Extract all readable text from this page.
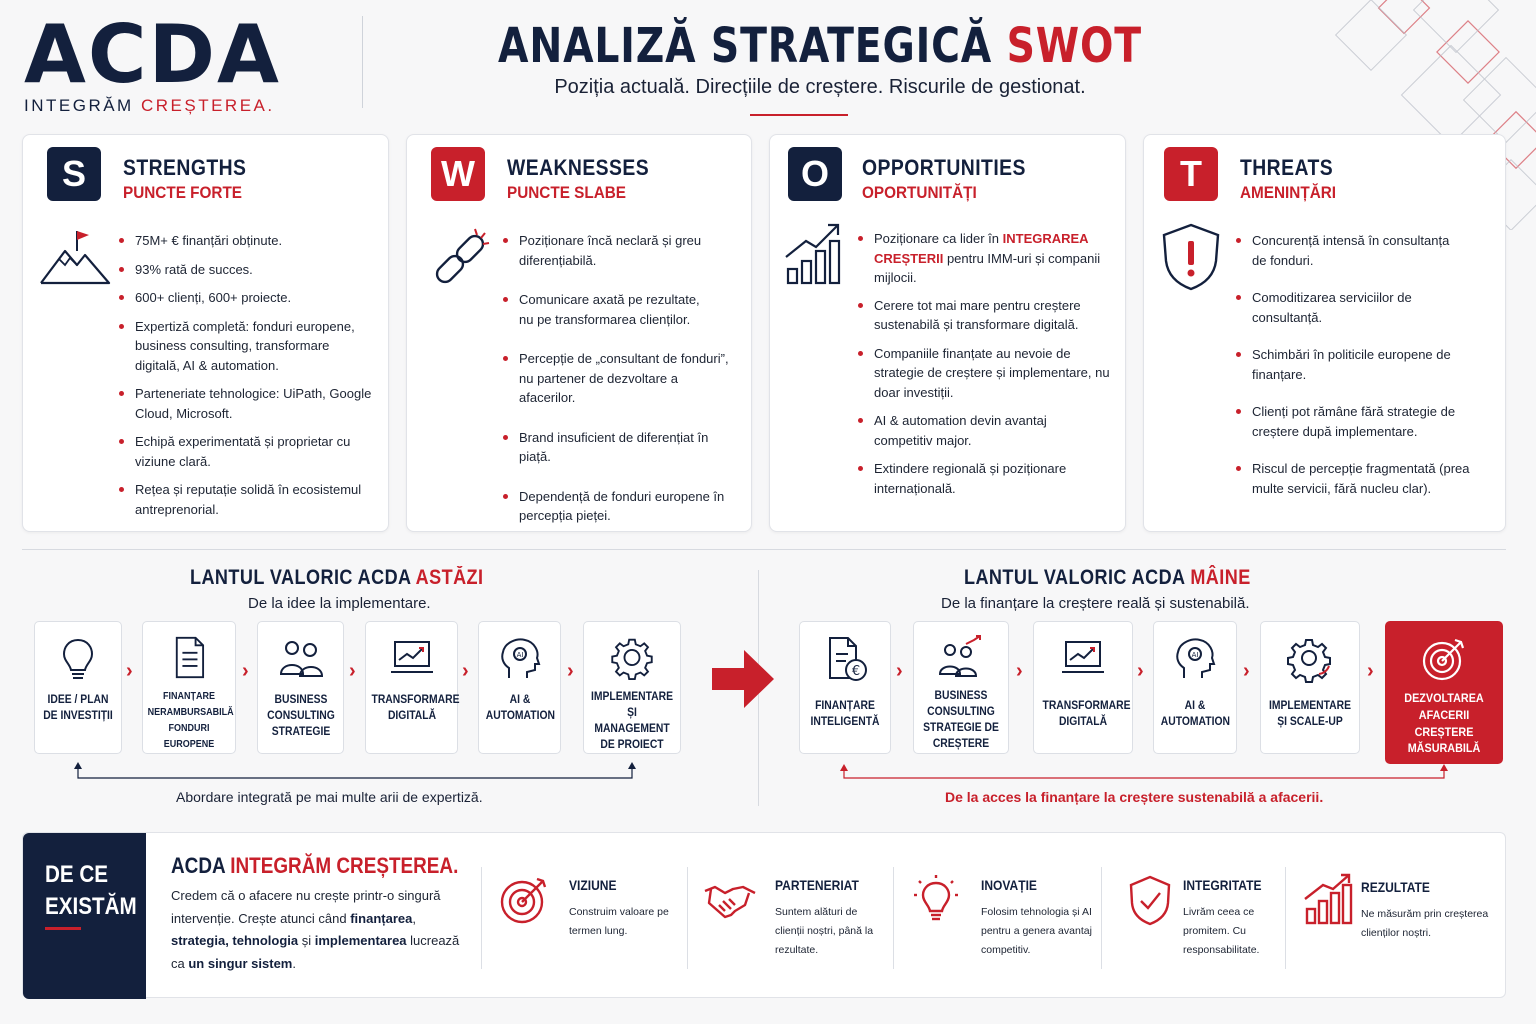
ACDA
INTEGRĂM CREȘTEREA.
ANALIZĂ STRATEGICĂ SWOT
Poziția actuală. Direcțiile de creștere. Riscurile de gestionat.
S	STRENGTHS
PUNCTE FORTE
75M+ € finanțări obținute.
93% rată de succes.
600+ clienți, 600+ proiecte.
Expertiză completă: fonduri europene, business consulting, transformare digitală, AI & automation.
Parteneriate tehnologice: UiPath, Google Cloud, Microsoft.
Echipă experimentată și proprietar cu viziune clară.
Rețea și reputație solidă în ecosistemul antreprenorial.
W	WEAKNESSES
PUNCTE SLABE
Poziționare încă neclară și greu diferențiabilă.
Comunicare axată pe rezultate, nu pe transformarea clienților.
Percepție de „consultant de fonduri”, nu partener de dezvoltare a afacerilor.
Brand insuficient de diferențiat în piață.
Dependență de fonduri europene în percepția pieței.
O	OPPORTUNITIES
OPORTUNITĂȚI
Poziționare ca lider în INTEGRAREA CREȘTERII pentru IMM-uri și companii mijlocii.
Cerere tot mai mare pentru creștere sustenabilă și transformare digitală.
Companiile finanțate au nevoie de strategie de creștere și implementare, nu doar investiții.
AI & automation devin avantaj competitiv major.
Extindere regională și poziționare internațională.
T	THREATS
AMENINȚĂRI
Concurență intensă în consultanța de fonduri.
Comoditizarea serviciilor de consultanță.
Schimbări în politicile europene de finanțare.
Clienți pot rămâne fără strategie de creștere după implementare.
Riscul de percepție fragmentată (prea multe servicii, fără nucleu clar).
LANTUL VALORIC ACDA ASTĂZI
De la idee la implementare.
IDEE / PLAN DE INVESTIȚII
›
FINANȚARE NERAMBURSABILĂ
FONDURI EUROPENE
›
BUSINESS CONSULTING STRATEGIE
›
TRANSFORMARE DIGITALĂ
›
AI
AI & AUTOMATION
›
IMPLEMENTARE ȘI MANAGEMENT DE PROIECT
Abordare integrată pe mai multe arii de expertiză.
LANTUL VALORIC ACDA MÂINE
De la finanțare la creștere reală și sustenabilă.
€
FINANȚARE INTELIGENTĂ
›
BUSINESS CONSULTING STRATEGIE DE CREȘTERE
›
TRANSFORMARE DIGITALĂ
›
AI
AI & AUTOMATION
›
IMPLEMENTARE ȘI SCALE-UP
›
DEZVOLTAREA AFACERII
CREȘTERE MĂSURABILĂ
De la acces la finanțare la creștere sustenabilă a afacerii.
DE CE
EXISTĂM
ACDA INTEGRĂM CREȘTEREA.
Credem că o afacere nu crește printr-o singură intervenție. Crește atunci când finanțarea, strategia, tehnologia și implementarea lucrează ca un singur sistem.
VIZIUNE
Construim valoare pe termen lung.
PARTENERIAT
Suntem alături de clienții noștri, până la rezultate.
INOVAȚIE
Folosim tehnologia și AI pentru a genera avantaj competitiv.
INTEGRITATE
Livrăm ceea ce promitem. Cu responsabilitate.
REZULTATE
Ne măsurăm prin creșterea clienților noștri.
